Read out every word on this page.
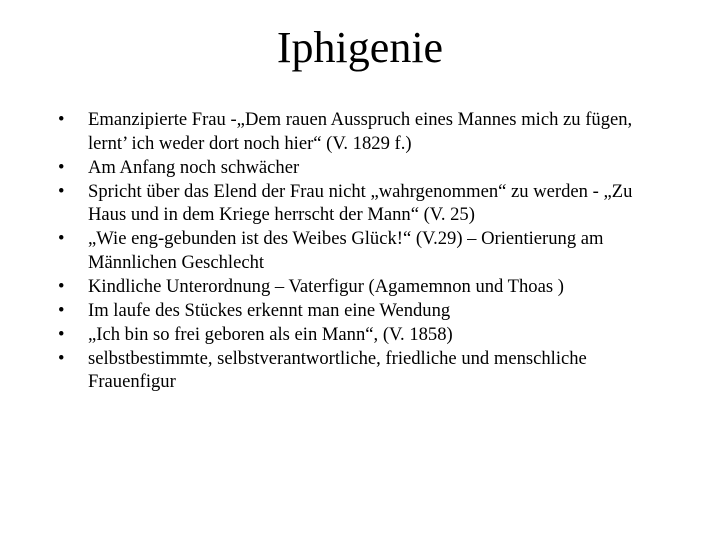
Iphigenie
•	Emanzipierte Frau -„Dem rauen Ausspruch eines Mannes mich zu fügen, lernt’ ich weder dort noch hier“ (V. 1829 f.)
•	Am Anfang noch schwächer
•	Spricht über das Elend der Frau nicht „wahrgenommen“ zu werden - „Zu Haus und in dem Kriege herrscht der Mann“ (V. 25)
•	„Wie eng-gebunden ist des Weibes Glück!“ (V.29) – Orientierung am Männlichen Geschlecht
•	Kindliche Unterordnung – Vaterfigur (Agamemnon und Thoas )
•	Im laufe des Stückes erkennt man eine Wendung
•	„Ich bin so frei geboren als ein Mann“, (V. 1858)
•	selbstbestimmte, selbstverantwortliche, friedliche und menschliche Frauenfigur
